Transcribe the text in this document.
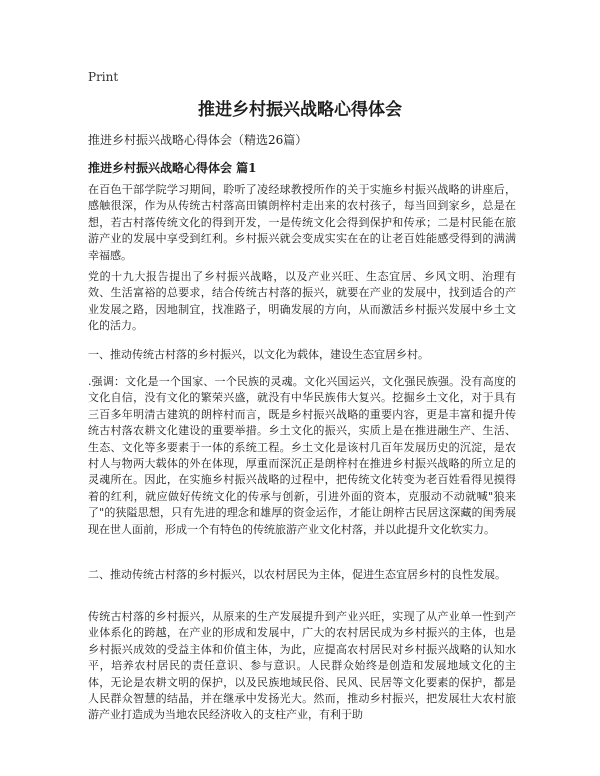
Print

推进乡村振兴战略心得体会

推进乡村振兴战略心得体会（精选26篇）

推进乡村振兴战略心得体会 篇1

在百色干部学院学习期间，聆听了凌经球教授所作的关于实施乡村振兴战略的讲座后，感触很深，作为从传统古村落高田镇朗梓村走出来的农村孩子，每当回到家乡，总是在想，若古村落传统文化的得到开发，一是传统文化会得到保护和传承；二是村民能在旅游产业的发展中享受到红利。乡村振兴就会变成实实在在的让老百姓能感受得到的满满幸福感。

党的十九大报告提出了乡村振兴战略，以及产业兴旺、生态宜居、乡风文明、治理有效、生活富裕的总要求，结合传统古村落的振兴，就要在产业的发展中，找到适合的产业发展之路，因地制宜，找准路子，明确发展的方向，从而激活乡村振兴发展中乡土文化的活力。

一、推动传统古村落的乡村振兴，以文化为载体，建设生态宜居乡村。

.强调：文化是一个国家、一个民族的灵魂。文化兴国运兴，文化强民族强。没有高度的文化自信，没有文化的繁荣兴盛，就没有中华民族伟大复兴。挖掘乡土文化，对于具有三百多年明清古建筑的朗梓村而言，既是乡村振兴战略的重要内容，更是丰富和提升传统古村落农耕文化建设的重要举措。乡土文化的振兴，实质上是在推进融生产、生活、生态、文化等多要素于一体的系统工程。乡土文化是该村几百年发展历史的沉淀，是农村人与物两大载体的外在体现，厚重而深沉正是朗梓村在推进乡村振兴战略的所立足的灵魂所在。因此，在实施乡村振兴战略的过程中，把传统文化转变为老百姓看得见摸得着的红利，就应做好传统文化的传承与创新，引进外面的资本，克服动不动就喊"狼来了"的狭隘思想，只有先进的理念和雄厚的资金运作，才能让朗梓古民居这深藏的闺秀展现在世人面前，形成一个有特色的传统旅游产业文化村落，并以此提升文化软实力。

二、推动传统古村落的乡村振兴，以农村居民为主体，促进生态宜居乡村的良性发展。

传统古村落的乡村振兴，从原来的生产发展提升到产业兴旺，实现了从产业单一性到产业体系化的跨越，在产业的形成和发展中，广大的农村居民成为乡村振兴的主体，也是乡村振兴成效的受益主体和价值主体，为此，应提高农村居民对乡村振兴战略的认知水平，培养农村居民的责任意识、参与意识。人民群众始终是创造和发展地域文化的主体，无论是农耕文明的保护，以及民族地域民俗、民风、民居等文化要素的保护，都是人民群众智慧的结晶，并在继承中发扬光大。然而，推动乡村振兴，把发展壮大农村旅游产业打造成为当地农民经济收入的支柱产业，有利于助
